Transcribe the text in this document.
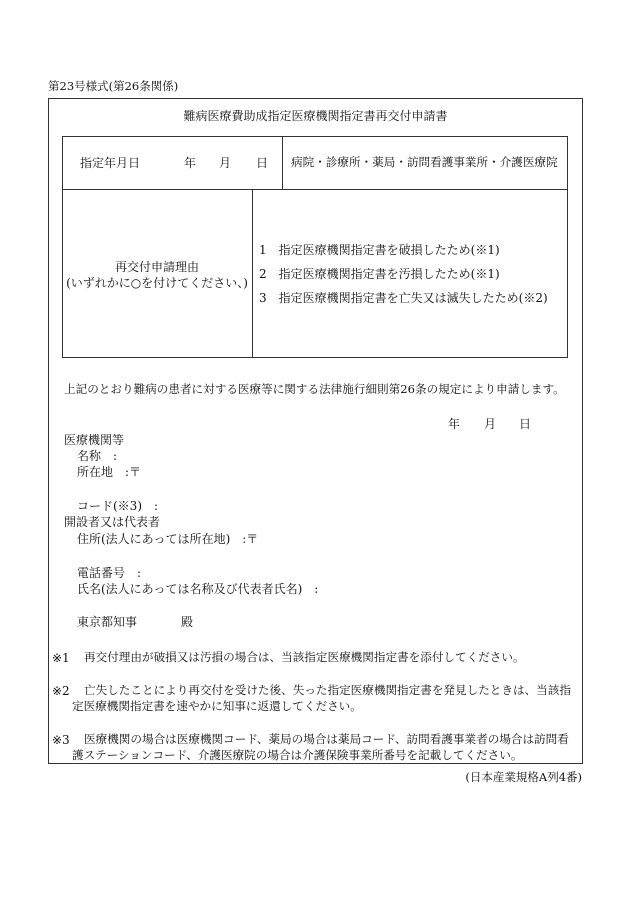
第23号様式(第26条関係)
難病医療費助成指定医療機関指定書再交付申請書
指定年月日	年 月 日 病院・診療所・薬局・訪問看護事業所・介護医療院
再交付申請理由
(いずれかに○を付けてください、)
1 指定医療機関指定書を破損したため(※1)
2 指定医療機関指定書を汚損したため(※1)
3 指定医療機関指定書を亡失又は滅失したため(※2)
上記のとおり難病の患者に対する医療等に関する法律施行細則第26条の規定により申請します。
年 月 日
医療機関等
名称　:
所在地　:〒
コード(※3)　:
開設者又は代表者
住所(法人にあっては所在地)　:〒
電話番号　:
氏名(法人にあっては名称及び代表者氏名)　:
東京都知事	殿
※1 再交付理由が破損又は汚損の場合は、当該指定医療機関指定書を添付してください。
※2 亡失したことにより再交付を受けた後、失った指定医療機関指定書を発見したときは、当該指
定医療機関指定書を速やかに知事に返還してください。
※3 医療機関の場合は医療機関コード、薬局の場合は薬局コード、訪問看護事業者の場合は訪問看
護ステーションコード、介護医療院の場合は介護保険事業所番号を記載してください。
(日本産業規格A列4番)
